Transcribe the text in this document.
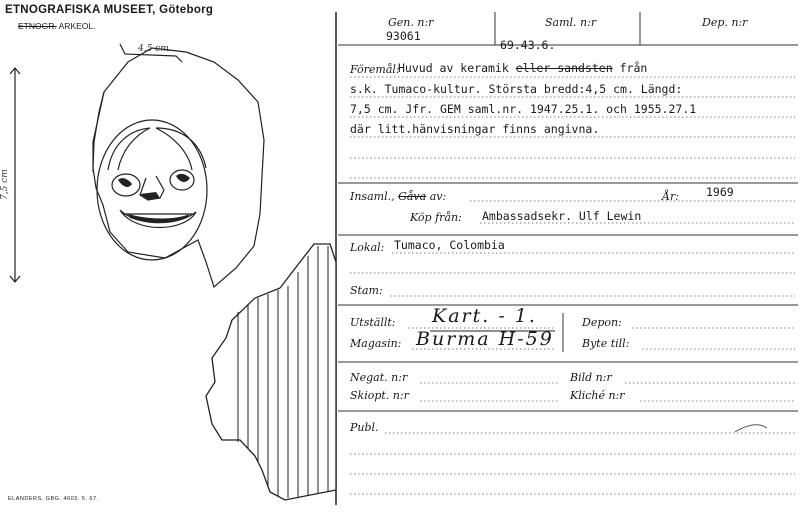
ETNOGRAFISKA MUSEET, Göteborg
ETNOGR. ARKEOL.
4,5 cm.
7,5 cm
ELANDERS. GBG. 4603. 5. 67.
Gen. n:r
93061
Saml. n:r
69.43.6.
Dep. n:r
Föremål:
Huvud av keramik eller sandsten från
s.k. Tumaco-kultur. Största bredd:4,5 cm. Längd:
7,5 cm. Jfr. GEM saml.nr. 1947.25.1. och 1955.27.1
där litt.hänvisningar finns angivna.
Insaml., Gåva av:	År: 1969
Köp från: Ambassadsekr. Ulf Lewin
Lokal: Tumaco, Colombia
Stam:
Utställt: Kart. - 1.
Magasin: Burma H-59
Depon:
Byte till:
Negat. n:r	Bild n:r
Skiopt. n:r	Kliché n:r
Publ.
